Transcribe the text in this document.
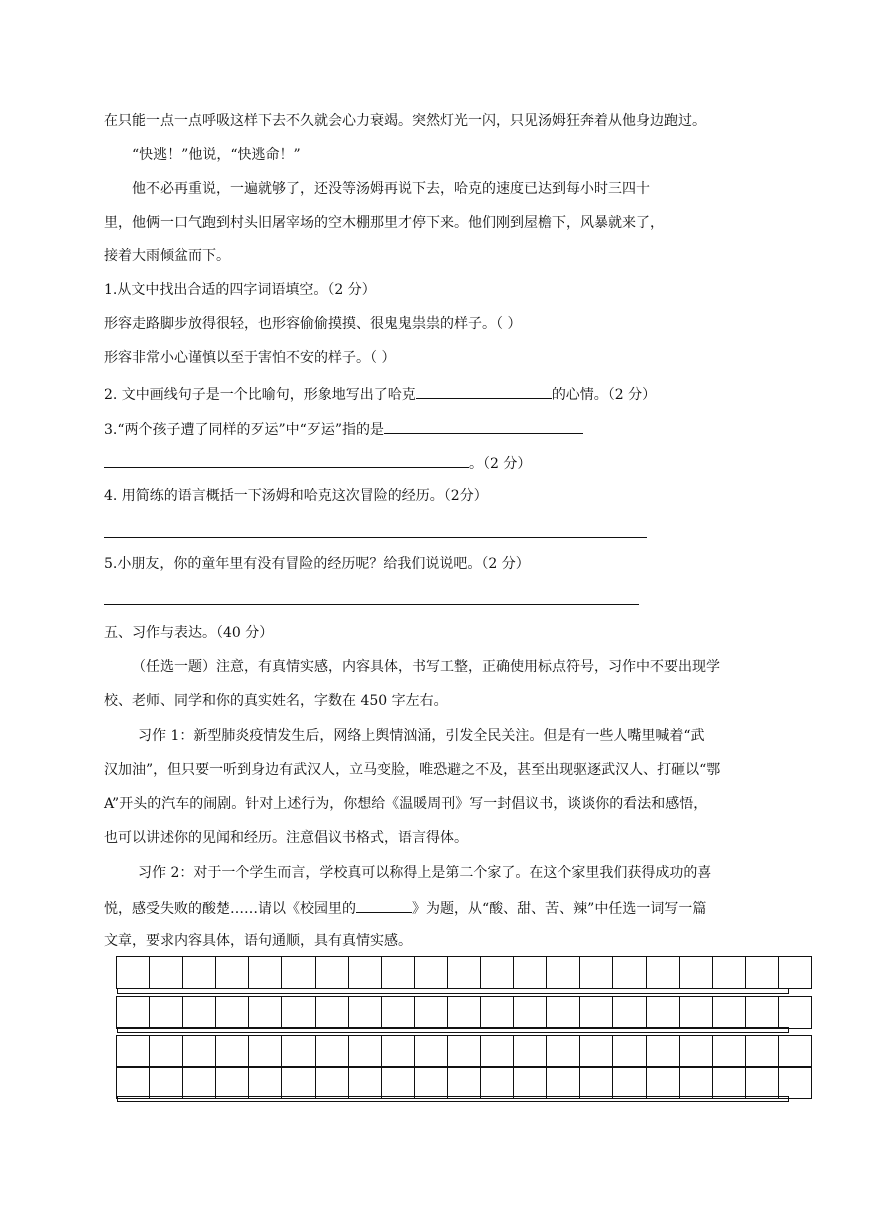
在只能一点一点呼吸这样下去不久就会心力衰竭。突然灯光一闪，只见汤姆狂奔着从他身边跑过。
“快逃！”他说，“快逃命！”
他不必再重说，一遍就够了，还没等汤姆再说下去，哈克的速度已达到每小时三四十
里，他俩一口气跑到村头旧屠宰场的空木棚那里才停下来。他们刚到屋檐下，风暴就来了，
接着大雨倾盆而下。
1.从文中找出合适的四字词语填空。（2 分）
形容走路脚步放得很轻，也形容偷偷摸摸、很鬼鬼祟祟的样子。（ ）
形容非常小心谨慎以至于害怕不安的样子。（ ）
2. 文中画线句子是一个比喻句，形象地写出了哈克	的心情。（2 分）
3.“两个孩子遭了同样的歹运”中“歹运”指的是
。（2 分）
4. 用简练的语言概括一下汤姆和哈克这次冒险的经历。（2分）
5.小朋友，你的童年里有没有冒险的经历呢？给我们说说吧。（2 分）
五、习作与表达。（40 分）
（任选一题）注意，有真情实感，内容具体，书写工整，正确使用标点符号，习作中不要出现学
校、老师、同学和你的真实姓名，字数在 450 字左右。
习作 1：新型肺炎疫情发生后，网络上舆情汹涌，引发全民关注。但是有一些人嘴里喊着“武
汉加油”，但只要一听到身边有武汉人，立马变脸，唯恐避之不及，甚至出现驱逐武汉人、打砸以“鄂
A”开头的汽车的闹剧。针对上述行为，你想给《温暖周刊》写一封倡议书，谈谈你的看法和感悟，
也可以讲述你的见闻和经历。注意倡议书格式，语言得体。
习作 2：对于一个学生而言，学校真可以称得上是第二个家了。在这个家里我们获得成功的喜
悦，感受失败的酸楚……请以《校园里的	》为题，从“酸、甜、苦、辣”中任选一词写一篇
文章，要求内容具体，语句通顺，具有真情实感。
